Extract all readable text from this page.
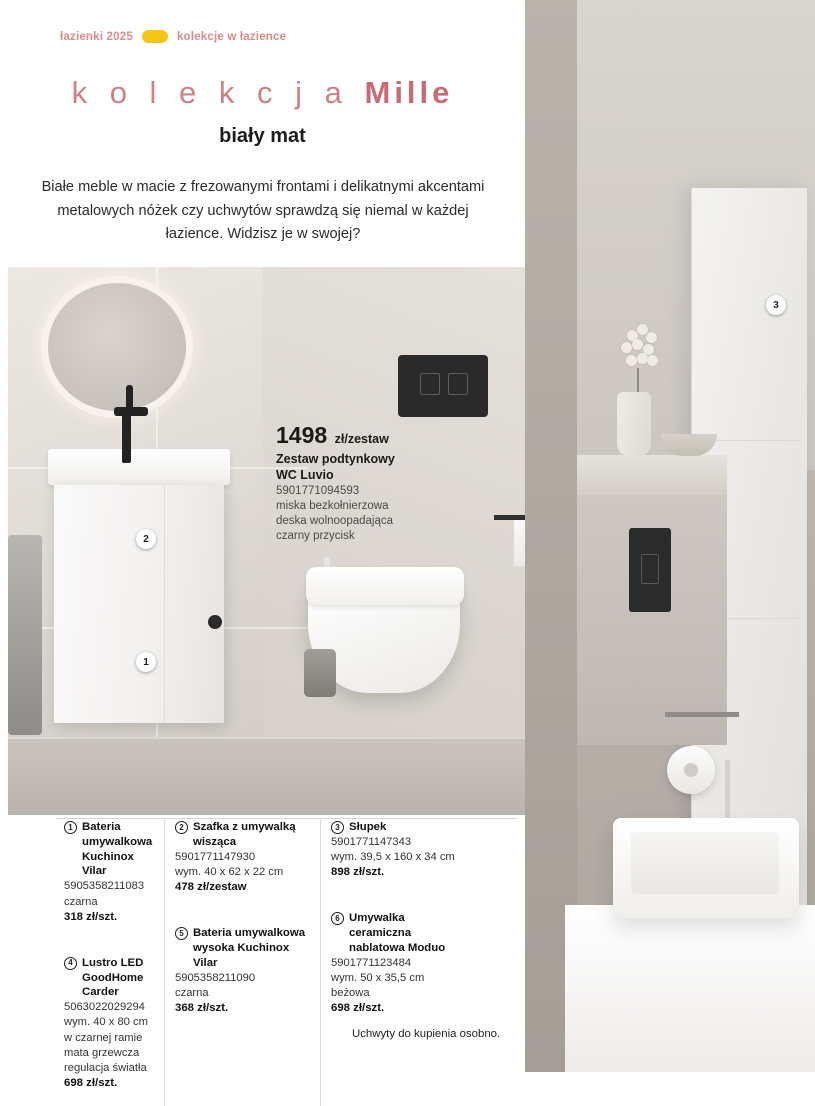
3
łazienki 2025	kolekcje w łazience
k o l e k c j a Mille
biały mat
Białe meble w macie z frezowanymi frontami i delikatnymi akcentami metalowych nóżek czy uchwytów sprawdzą się niemal w każdej łazience. Widzisz je w swojej?
1
2
1498 zł/zestaw
Zestaw podtynkowy
WC Luvio
5901771094593
miska bezkołnierzowa
deska wolnoopadająca
czarny przycisk
1 Bateria umywalkowa Kuchinox Vilar
5905358211083
czarna
318 zł/szt.
4 Lustro LED GoodHome Carder
5063022029294
wym. 40 x 80 cm
w czarnej ramie
mata grzewcza
regulacja światła
698 zł/szt.
2 Szafka z umywalką wisząca
5901771147930
wym. 40 x 62 x 22 cm
478 zł/zestaw
5 Bateria umywalkowa wysoka Kuchinox Vilar
5905358211090
czarna
368 zł/szt.
3 Słupek
5901771147343
wym. 39,5 x 160 x 34 cm
898 zł/szt.
6 Umywalka ceramiczna nablatowa Moduo
5901771123484
wym. 50 x 35,5 cm
beżowa
698 zł/szt.
Uchwyty do kupienia osobno.
